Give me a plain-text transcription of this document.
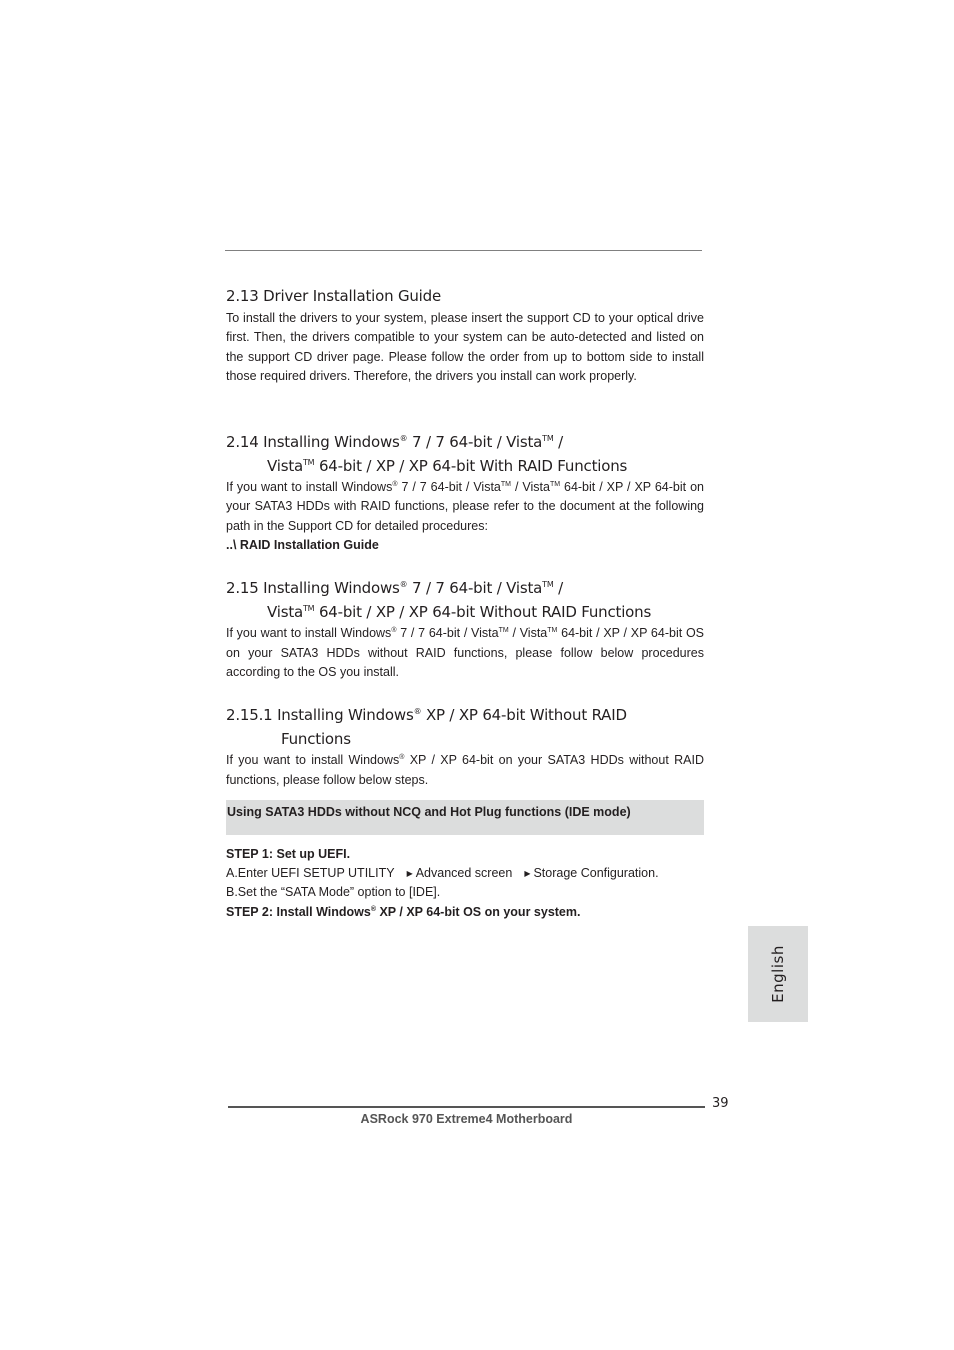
2.13 Driver Installation Guide

To install the drivers to your system, please insert the support CD to your optical drive first. Then, the drivers compatible to your system can be auto-detected and listed on the support CD driver page. Please follow the order from up to bottom side to install those required drivers. Therefore, the drivers you install can work properly.

2.14 Installing Windows® 7 / 7 64-bit / Vista™ /
Vista™ 64-bit / XP / XP 64-bit With RAID Functions

If you want to install Windows® 7 / 7 64-bit / Vista™ / Vista™ 64-bit / XP / XP 64-bit on your SATA3 HDDs with RAID functions, please refer to the document at the following path in the Support CD for detailed procedures:

..\ RAID Installation Guide

2.15 Installing Windows® 7 / 7 64-bit / Vista™ /
Vista™ 64-bit / XP / XP 64-bit Without RAID Functions

If you want to install Windows® 7 / 7 64-bit / Vista™ / Vista™ 64-bit / XP / XP 64-bit OS on your SATA3 HDDs without RAID functions, please follow below procedures according to the OS you install.

2.15.1 Installing Windows® XP / XP 64-bit Without RAID
Functions

If you want to install Windows® XP / XP 64-bit on your SATA3 HDDs without RAID functions, please follow below steps.

Using SATA3 HDDs without NCQ and Hot Plug functions (IDE mode)

STEP 1: Set up UEFI.

A.Enter UEFI SETUP UTILITY ▶ Advanced screen ▶ Storage Configuration.

B.Set the “SATA Mode” option to [IDE].

STEP 2: Install Windows® XP / XP 64-bit OS on your system.

English
39
ASRock 970 Extreme4 Motherboard
